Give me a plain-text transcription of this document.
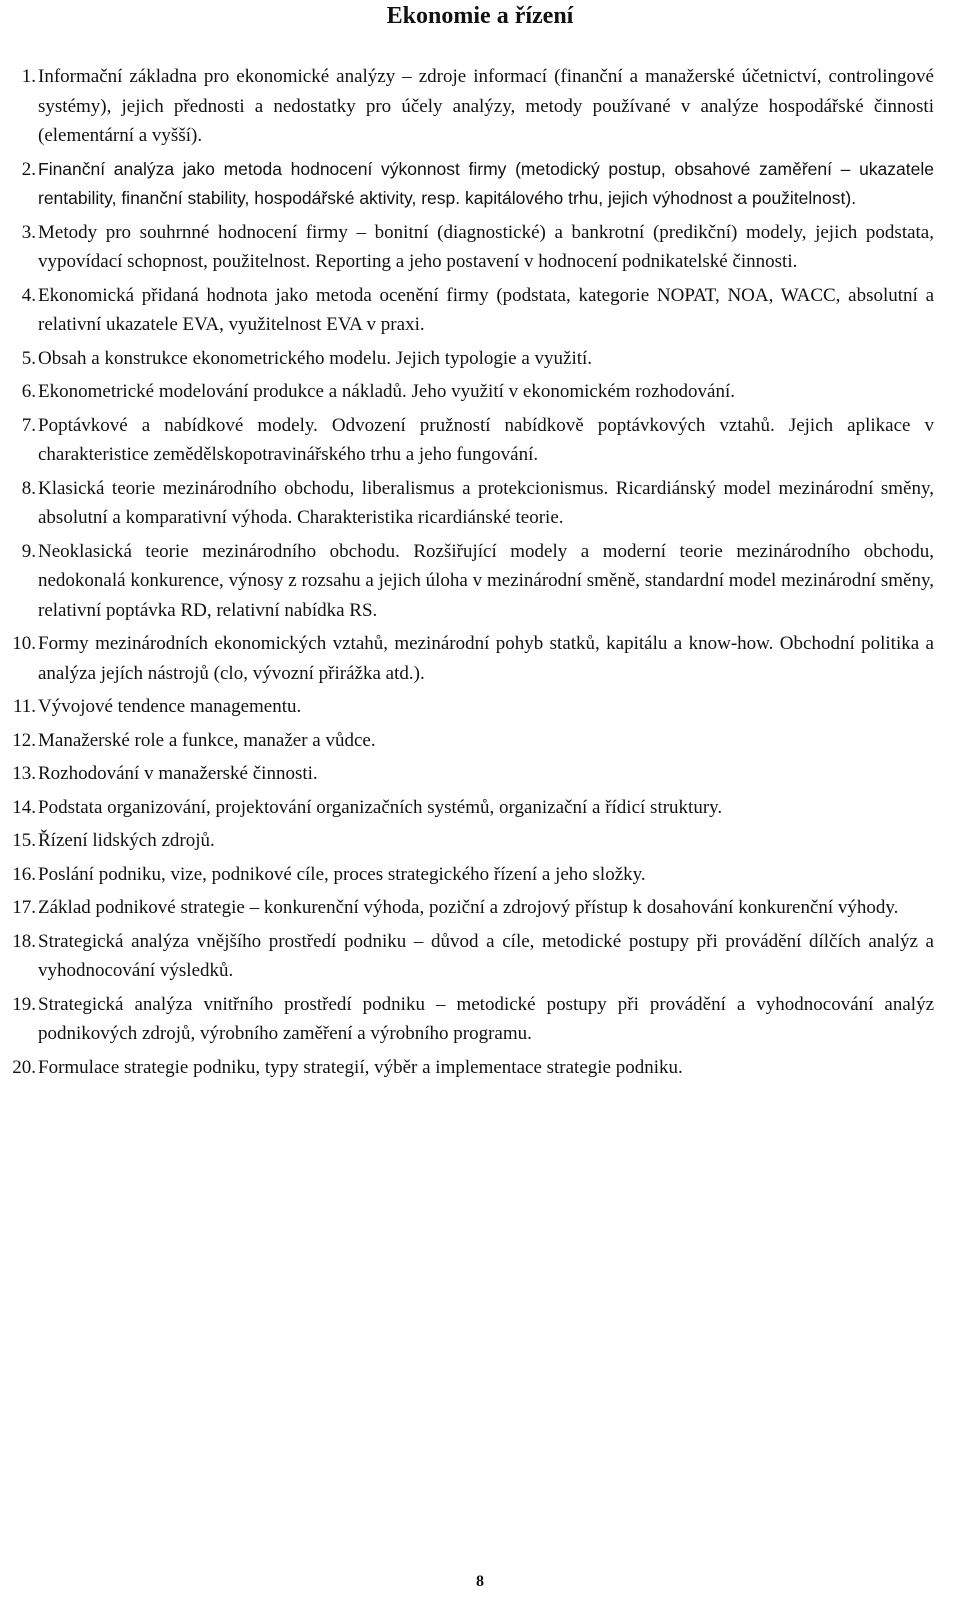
Ekonomie a řízení
1. Informační základna pro ekonomické analýzy – zdroje informací (finanční a manažerské účetnictví, controlingové systémy), jejich přednosti a nedostatky pro účely analýzy, metody používané v analýze hospodářské činnosti (elementární a vyšší).
2. Finanční analýza jako metoda hodnocení výkonnost firmy (metodický postup, obsahové zaměření – ukazatele rentability, finanční stability, hospodářské aktivity, resp. kapitálového trhu, jejich výhodnost a použitelnost).
3. Metody pro souhrnné hodnocení firmy – bonitní (diagnostické) a bankrotní (predikční) modely, jejich podstata, vypovídací schopnost, použitelnost. Reporting a jeho postavení v hodnocení podnikatelské činnosti.
4. Ekonomická přidaná hodnota jako metoda ocenění firmy (podstata, kategorie NOPAT, NOA, WACC, absolutní a relativní ukazatele EVA, využitelnost EVA v praxi.
5. Obsah a konstrukce ekonometrického modelu. Jejich typologie a využití.
6. Ekonometrické modelování produkce a nákladů. Jeho využití v ekonomickém rozhodování.
7. Poptávkové a nabídkové modely. Odvození pružností nabídkově poptávkových vztahů. Jejich aplikace v charakteristice zemědělskopotravinářského trhu a jeho fungování.
8. Klasická teorie mezinárodního obchodu, liberalismus a protekcionismus. Ricardiánský model mezinárodní směny, absolutní a komparativní výhoda. Charakteristika ricardiánské teorie.
9. Neoklasická teorie mezinárodního obchodu. Rozšiřující modely a moderní teorie mezinárodního obchodu, nedokonalá konkurence, výnosy z rozsahu a jejich úloha v mezinárodní směně, standardní model mezinárodní směny, relativní poptávka RD, relativní nabídka RS.
10. Formy mezinárodních ekonomických vztahů, mezinárodní pohyb statků, kapitálu a know-how. Obchodní politika a analýza jejích nástrojů (clo, vývozní přirážka atd.).
11. Vývojové tendence managementu.
12. Manažerské role a funkce, manažer a vůdce.
13. Rozhodování v manažerské činnosti.
14. Podstata organizování, projektování organizačních systémů, organizační a řídicí struktury.
15. Řízení lidských zdrojů.
16. Poslání podniku, vize, podnikové cíle, proces strategického řízení a jeho složky.
17. Základ podnikové strategie – konkurenční výhoda, poziční a zdrojový přístup k dosahování konkurenční výhody.
18. Strategická analýza vnějšího prostředí podniku – důvod a cíle, metodické postupy při provádění dílčích analýz a vyhodnocování výsledků.
19. Strategická analýza vnitřního prostředí podniku – metodické postupy při provádění a vyhodnocování analýz podnikových zdrojů, výrobního zaměření a výrobního programu.
20. Formulace strategie podniku, typy strategií, výběr a implementace strategie podniku.
8
